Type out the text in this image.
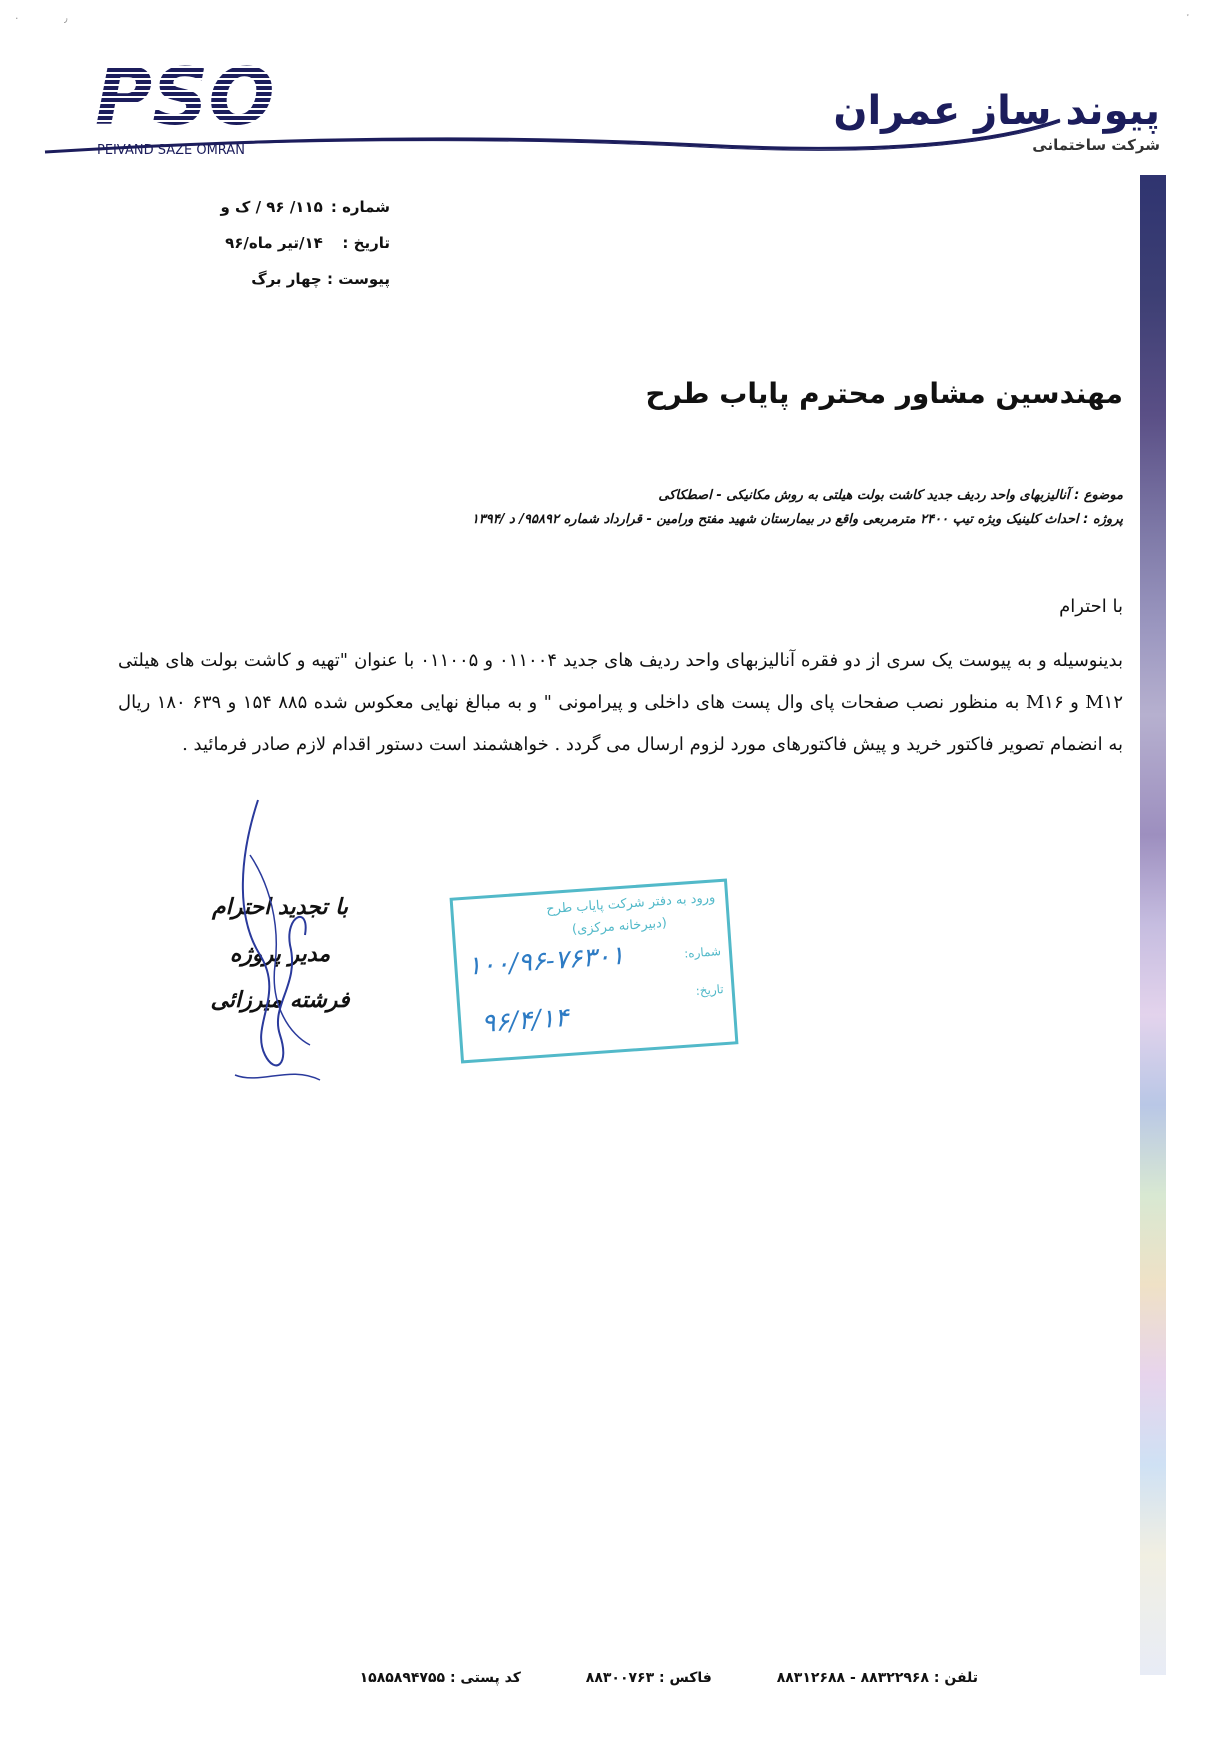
·             ٫	ˑ
PEIVAND SAZE OMRAN
پیوند ساز عمران
شرکت ساختمانی
شماره : ۱۱۵/ ۹۶ / ک و
تاریخ : ۱۴/تیر ماه/۹۶
پیوست : چهار برگ
مهندسین مشاور محترم پایاب طرح
موضوع : آنالیزبهای واحد ردیف جدید کاشت بولت هیلتی به روش مکانیکی - اصطکاکی
پروژه : احداث کلینیک ویژه تیپ ۲۴۰۰ مترمربعی واقع در بیمارستان شهید مفتح ورامین - قرارداد شماره ۹۵۸۹۲/ د /۱۳۹۴
با احترام
بدینوسیله و به پیوست یک سری از دو فقره آنالیزبهای واحد ردیف های جدید ۰۱۱۰۰۴ و ۰۱۱۰۰۵ با عنوان "تهیه و کاشت بولت های هیلتی M۱۲ و M۱۶ به منظور نصب صفحات پای وال پست های داخلی و پیرامونی " و به مبالغ نهایی معکوس شده ۸۸۵ ۱۵۴ و ۶۳۹ ۱۸۰ ریال به انضمام تصویر فاکتور خرید و پیش فاکتورهای مورد لزوم ارسال می گردد . خواهشمند است دستور اقدام لازم صادر فرمائید .
با تجدید احترام
مدیر پروژه
فرشته میرزائی
ورود به دفتر شرکت پایاب طرح
(دبیرخانه مرکزی)
شماره:
تاریخ:
۱۰۰/۹۶-۷۶۳۰۱
۹۶/۴/۱۴
تلفن : ۸۸۳۲۲۹۶۸ - ۸۸۳۱۲۶۸۸ فاکس : ۸۸۳۰۰۷۶۳ کد پستی : ۱۵۸۵۸۹۴۷۵۵
